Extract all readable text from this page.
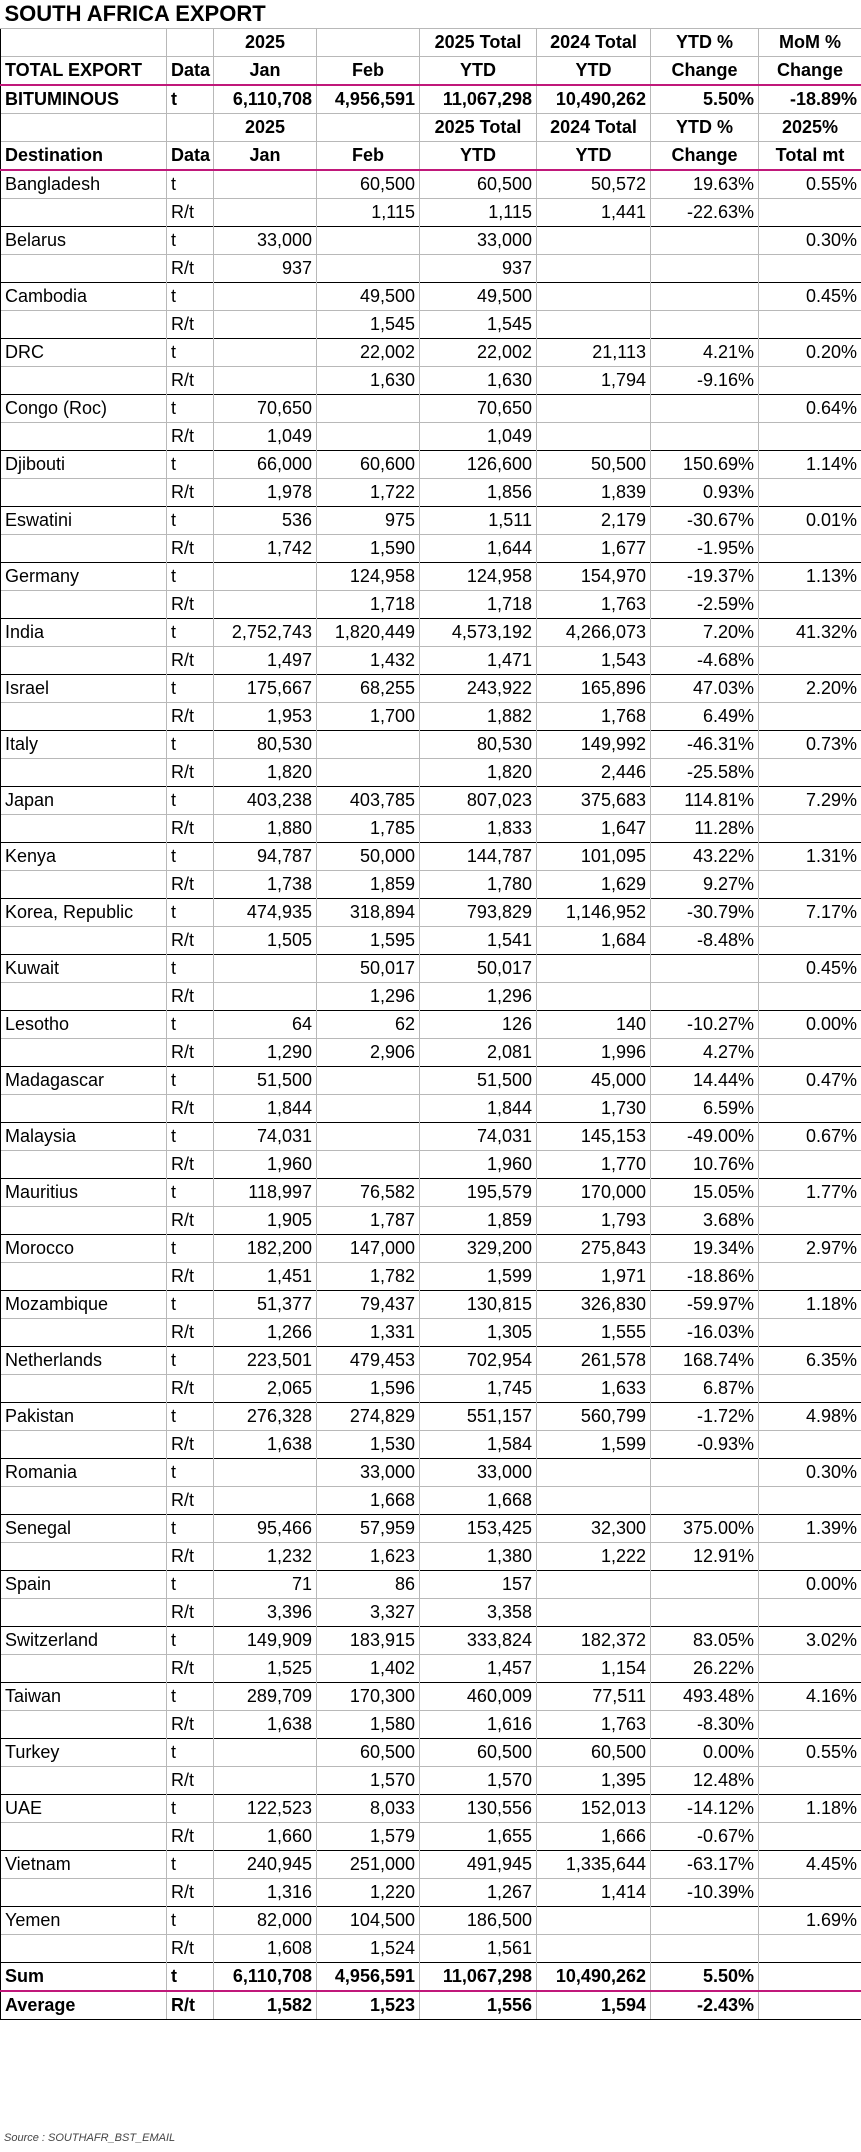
SOUTH AFRICA EXPORT							
		2025		2025 Total	2024 Total	YTD %	MoM %
TOTAL EXPORT	Data	Jan	Feb	YTD	YTD	Change	Change
BITUMINOUS	t	6,110,708	4,956,591	11,067,298	10,490,262	5.50%	-18.89%
		2025		2025 Total	2024 Total	YTD %	2025%
Destination	Data	Jan	Feb	YTD	YTD	Change	Total mt
Bangladesh	t		60,500	60,500	50,572	19.63%	0.55%
	R/t		1,115	1,115	1,441	-22.63%	
Belarus	t	33,000		33,000			0.30%
	R/t	937		937			
Cambodia	t		49,500	49,500			0.45%
	R/t		1,545	1,545			
DRC	t		22,002	22,002	21,113	4.21%	0.20%
	R/t		1,630	1,630	1,794	-9.16%	
Congo (Roc)	t	70,650		70,650			0.64%
	R/t	1,049		1,049			
Djibouti	t	66,000	60,600	126,600	50,500	150.69%	1.14%
	R/t	1,978	1,722	1,856	1,839	0.93%	
Eswatini	t	536	975	1,511	2,179	-30.67%	0.01%
	R/t	1,742	1,590	1,644	1,677	-1.95%	
Germany	t		124,958	124,958	154,970	-19.37%	1.13%
	R/t		1,718	1,718	1,763	-2.59%	
India	t	2,752,743	1,820,449	4,573,192	4,266,073	7.20%	41.32%
	R/t	1,497	1,432	1,471	1,543	-4.68%	
Israel	t	175,667	68,255	243,922	165,896	47.03%	2.20%
	R/t	1,953	1,700	1,882	1,768	6.49%	
Italy	t	80,530		80,530	149,992	-46.31%	0.73%
	R/t	1,820		1,820	2,446	-25.58%	
Japan	t	403,238	403,785	807,023	375,683	114.81%	7.29%
	R/t	1,880	1,785	1,833	1,647	11.28%	
Kenya	t	94,787	50,000	144,787	101,095	43.22%	1.31%
	R/t	1,738	1,859	1,780	1,629	9.27%	
Korea, Republic	t	474,935	318,894	793,829	1,146,952	-30.79%	7.17%
	R/t	1,505	1,595	1,541	1,684	-8.48%	
Kuwait	t		50,017	50,017			0.45%
	R/t		1,296	1,296			
Lesotho	t	64	62	126	140	-10.27%	0.00%
	R/t	1,290	2,906	2,081	1,996	4.27%	
Madagascar	t	51,500		51,500	45,000	14.44%	0.47%
	R/t	1,844		1,844	1,730	6.59%	
Malaysia	t	74,031		74,031	145,153	-49.00%	0.67%
	R/t	1,960		1,960	1,770	10.76%	
Mauritius	t	118,997	76,582	195,579	170,000	15.05%	1.77%
	R/t	1,905	1,787	1,859	1,793	3.68%	
Morocco	t	182,200	147,000	329,200	275,843	19.34%	2.97%
	R/t	1,451	1,782	1,599	1,971	-18.86%	
Mozambique	t	51,377	79,437	130,815	326,830	-59.97%	1.18%
	R/t	1,266	1,331	1,305	1,555	-16.03%	
Netherlands	t	223,501	479,453	702,954	261,578	168.74%	6.35%
	R/t	2,065	1,596	1,745	1,633	6.87%	
Pakistan	t	276,328	274,829	551,157	560,799	-1.72%	4.98%
	R/t	1,638	1,530	1,584	1,599	-0.93%	
Romania	t		33,000	33,000			0.30%
	R/t		1,668	1,668			
Senegal	t	95,466	57,959	153,425	32,300	375.00%	1.39%
	R/t	1,232	1,623	1,380	1,222	12.91%	
Spain	t	71	86	157			0.00%
	R/t	3,396	3,327	3,358			
Switzerland	t	149,909	183,915	333,824	182,372	83.05%	3.02%
	R/t	1,525	1,402	1,457	1,154	26.22%	
Taiwan	t	289,709	170,300	460,009	77,511	493.48%	4.16%
	R/t	1,638	1,580	1,616	1,763	-8.30%	
Turkey	t		60,500	60,500	60,500	0.00%	0.55%
	R/t		1,570	1,570	1,395	12.48%	
UAE	t	122,523	8,033	130,556	152,013	-14.12%	1.18%
	R/t	1,660	1,579	1,655	1,666	-0.67%	
Vietnam	t	240,945	251,000	491,945	1,335,644	-63.17%	4.45%
	R/t	1,316	1,220	1,267	1,414	-10.39%	
Yemen	t	82,000	104,500	186,500			1.69%
	R/t	1,608	1,524	1,561			
Sum	t	6,110,708	4,956,591	11,067,298	10,490,262	5.50%	
Average	R/t	1,582	1,523	1,556	1,594	-2.43%	
Source : SOUTHAFR_BST_EMAIL
